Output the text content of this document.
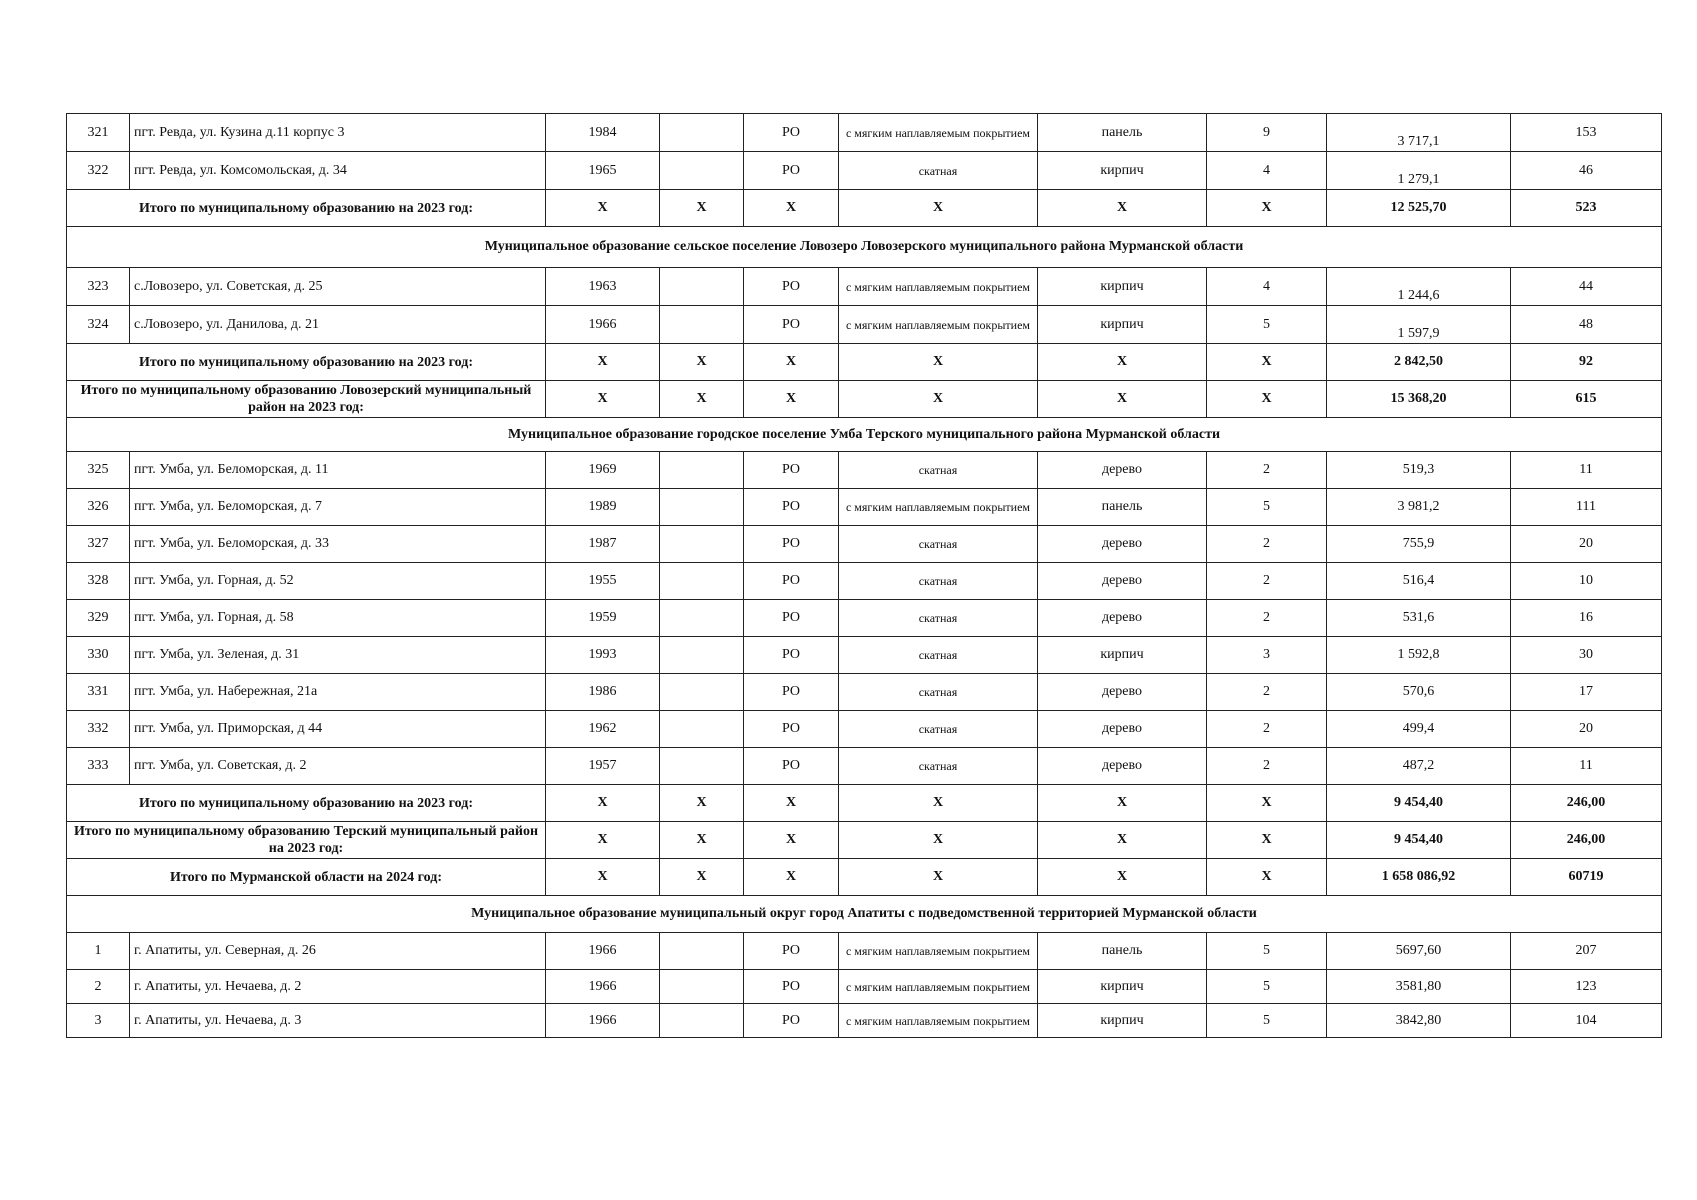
321	пгт. Ревда, ул. Кузина д.11 корпус 3	1984		РО	с мягким наплавляемым покрытием	панель	9	3 717,1	153
322	пгт. Ревда, ул. Комсомольская, д. 34	1965		РО	скатная	кирпич	4	1 279,1	46
Итого по муниципальному образованию на 2023 год:		X	X	X	X	X	X	12 525,70	523
Муниципальное образование сельское поселение Ловозеро Ловозерского муниципального района Мурманской области									
323	с.Ловозеро, ул. Советская, д. 25	1963		РО	с мягким наплавляемым покрытием	кирпич	4	1 244,6	44
324	с.Ловозеро, ул. Данилова, д. 21	1966		РО	с мягким наплавляемым покрытием	кирпич	5	1 597,9	48
Итого по муниципальному образованию на 2023 год:		X	X	X	X	X	X	2 842,50	92
Итого по муниципальному образованию Ловозерский муниципальный район на 2023 год:		X	X	X	X	X	X	15 368,20	615
Муниципальное образование городское поселение Умба Терского муниципального района Мурманской области									
325	пгт. Умба, ул. Беломорская, д. 11	1969		РО	скатная	дерево	2	519,3	11
326	пгт. Умба, ул. Беломорская, д. 7	1989		РО	с мягким наплавляемым покрытием	панель	5	3 981,2	111
327	пгт. Умба, ул. Беломорская, д. 33	1987		РО	скатная	дерево	2	755,9	20
328	пгт. Умба, ул. Горная, д. 52	1955		РО	скатная	дерево	2	516,4	10
329	пгт. Умба, ул. Горная, д. 58	1959		РО	скатная	дерево	2	531,6	16
330	пгт. Умба, ул. Зеленая, д. 31	1993		РО	скатная	кирпич	3	1 592,8	30
331	пгт. Умба, ул. Набережная, 21а	1986		РО	скатная	дерево	2	570,6	17
332	пгт. Умба, ул. Приморская, д 44	1962		РО	скатная	дерево	2	499,4	20
333	пгт. Умба, ул. Советская, д. 2	1957		РО	скатная	дерево	2	487,2	11
Итого по муниципальному образованию на 2023 год:		X	X	X	X	X	X	9 454,40	246,00
Итого по муниципальному образованию Терский муниципальный район на 2023 год:		X	X	X	X	X	X	9 454,40	246,00
Итого по Мурманской области на 2024 год:		X	X	X	X	X	X	1 658 086,92	60719
Муниципальное образование муниципальный округ город Апатиты с подведомственной территорией Мурманской области									
1	г. Апатиты, ул. Северная, д. 26	1966		РО	с мягким наплавляемым покрытием	панель	5	5697,60	207
2	г. Апатиты, ул. Нечаева, д. 2	1966		РО	с мягким наплавляемым покрытием	кирпич	5	3581,80	123
3	г. Апатиты, ул. Нечаева, д. 3	1966		РО	с мягким наплавляемым покрытием	кирпич	5	3842,80	104
